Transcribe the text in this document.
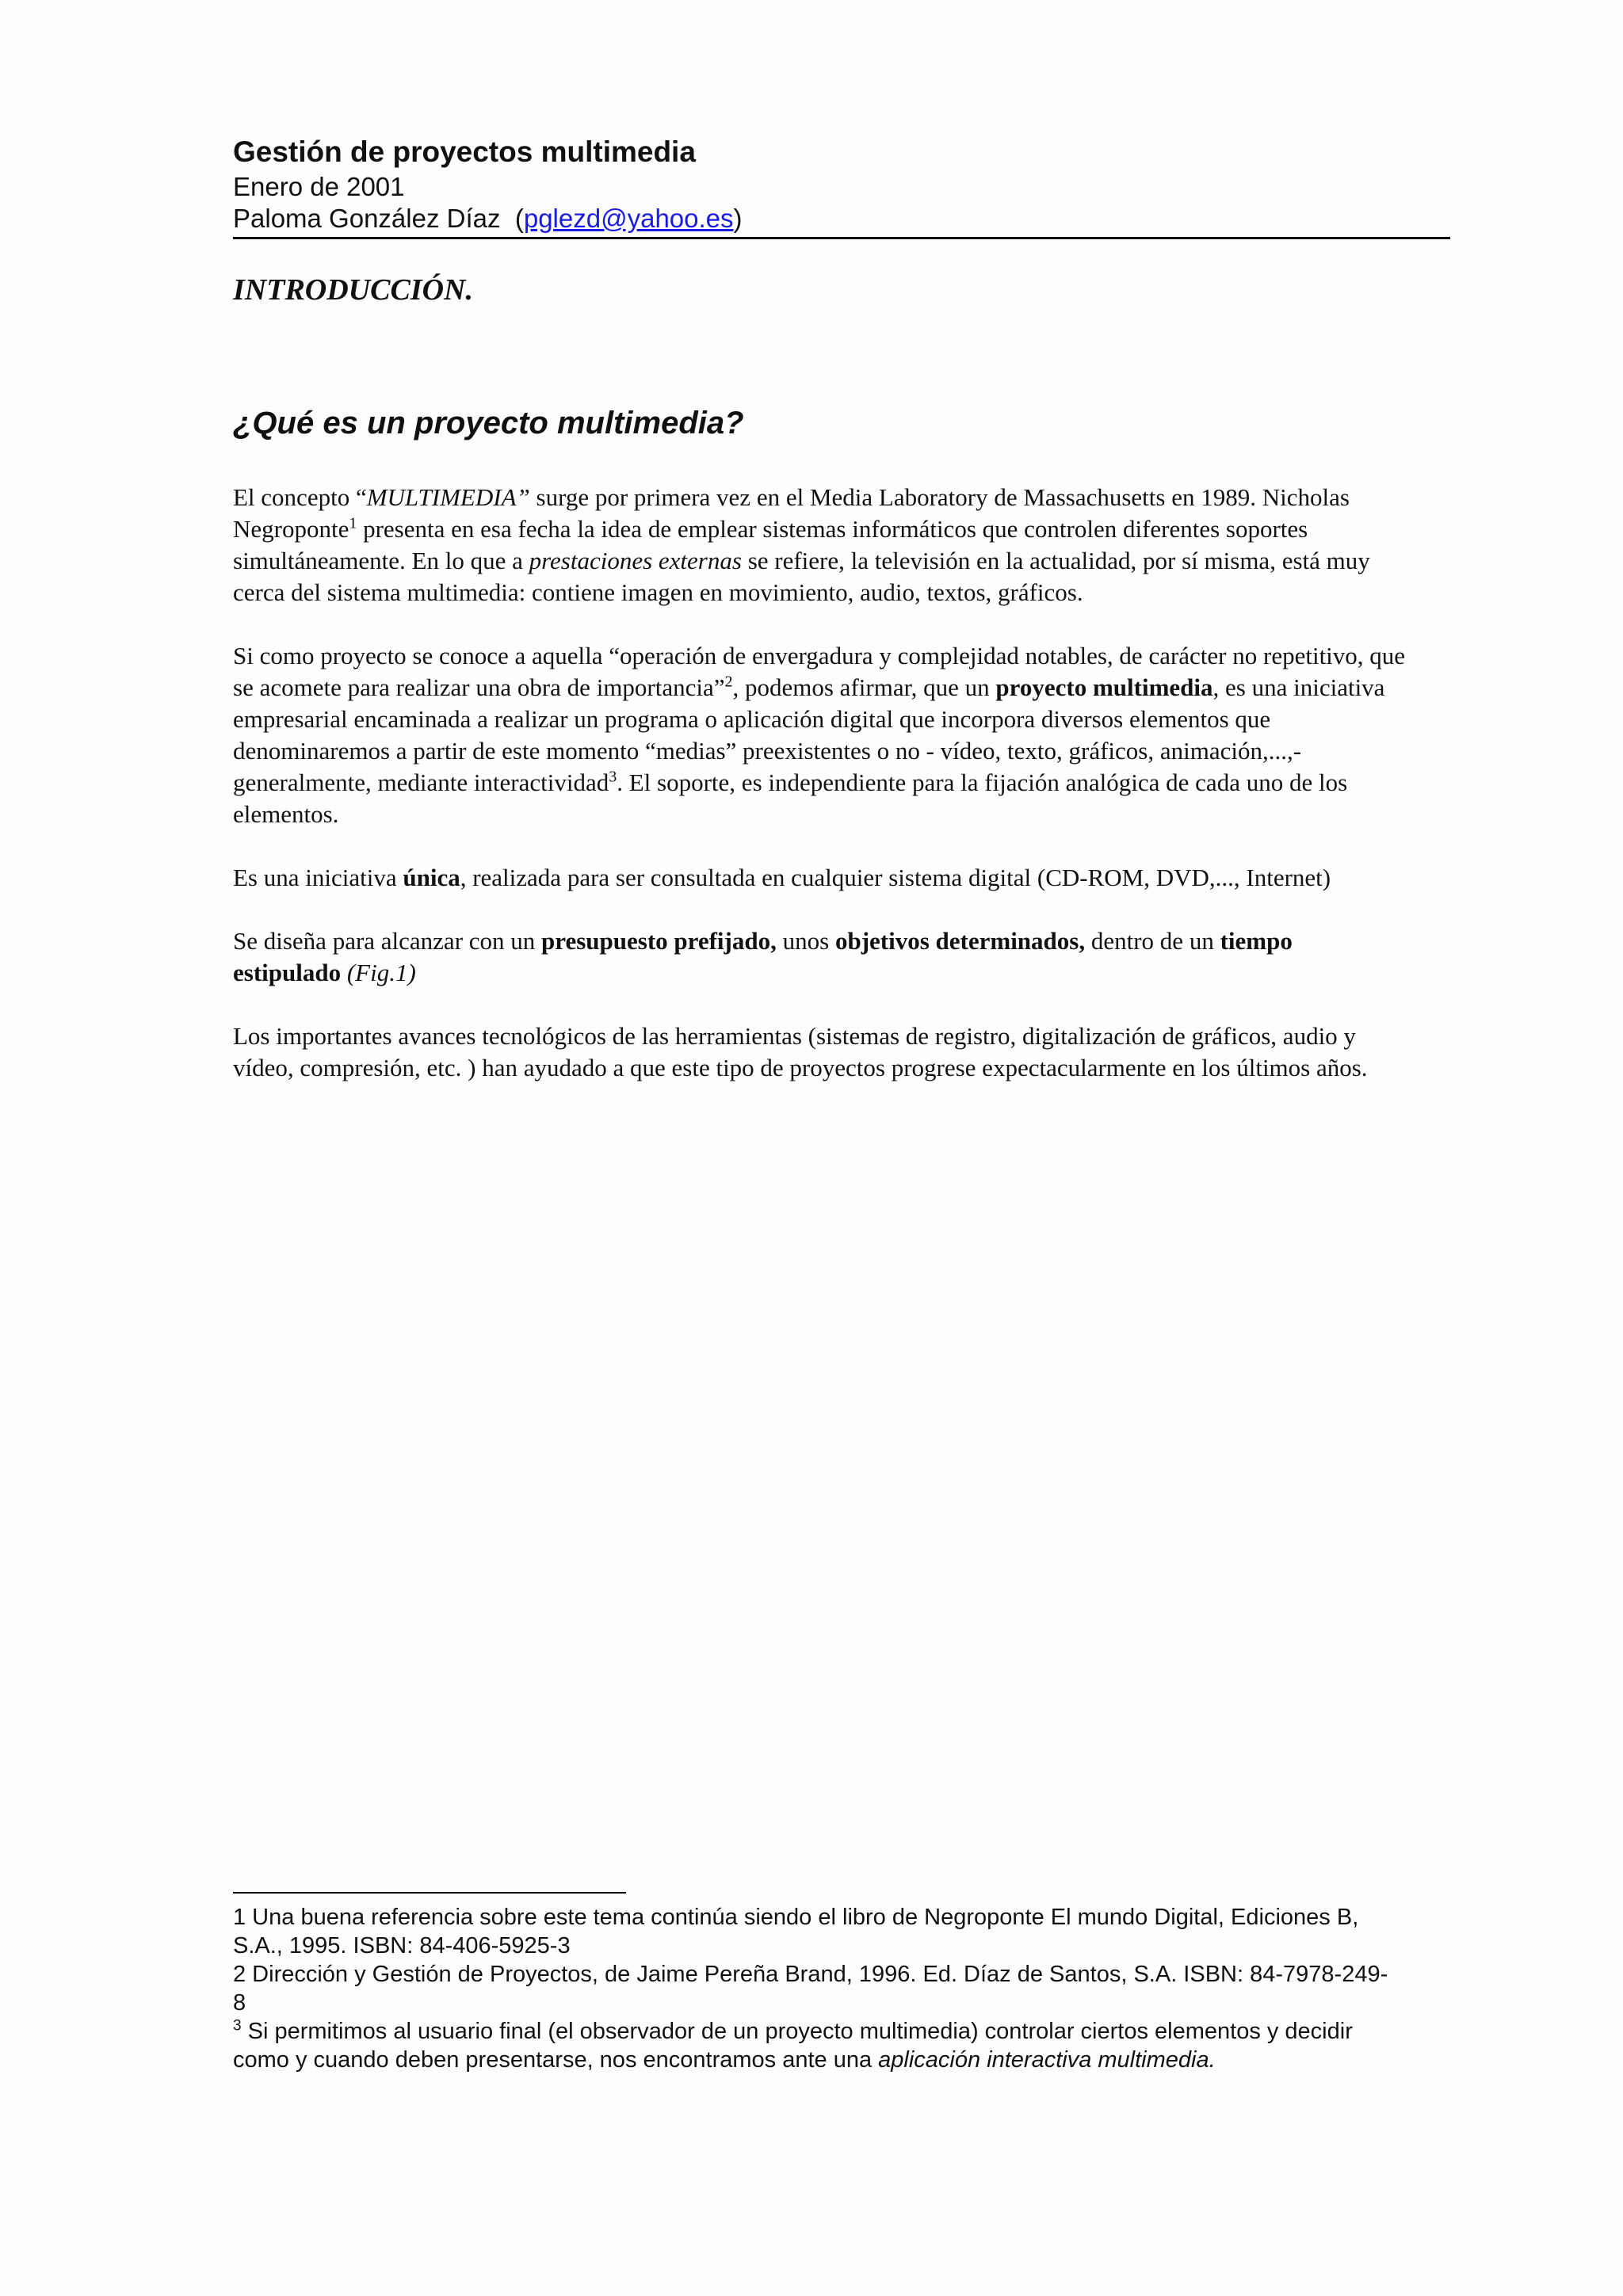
Gestión de proyectos multimedia

Enero de 2001

Paloma González Díaz (pglezd@yahoo.es)

INTRODUCCIÓN.
¿Qué es un proyecto multimedia?

El concepto “MULTIMEDIA” surge por primera vez en el Media Laboratory de Massachusetts en 1989. Nicholas Negroponte$^1$ presenta en esa fecha la idea de emplear sistemas informáticos que controlen diferentes soportes simultáneamente. En lo que a prestaciones externas se refiere, la televisión en la actualidad, por sí misma, está muy cerca del sistema multimedia: contiene imagen en movimiento, audio, textos, gráficos.

Si como proyecto se conoce a aquella “operación de envergadura y complejidad notables, de carácter no repetitivo, que se acomete para realizar una obra de importancia”$^2$, podemos afirmar, que un proyecto multimedia, es una iniciativa empresarial encaminada a realizar un programa o aplicación digital que incorpora diversos elementos que denominaremos a partir de este momento “medias” preexistentes o no - vídeo, texto, gráficos, animación,...,- generalmente, mediante interactividad$^3$. El soporte, es independiente para la fijación analógica de cada uno de los elementos.

Es una iniciativa única, realizada para ser consultada en cualquier sistema digital (CD-ROM, DVD,..., Internet)

Se diseña para alcanzar con un presupuesto prefijado, unos objetivos determinados, dentro de un tiempo estipulado (Fig.1)

Los importantes avances tecnológicos de las herramientas (sistemas de registro, digitalización de gráficos, audio y vídeo, compresión, etc. ) han ayudado a que este tipo de proyectos progrese expectacularmente en los últimos años.

1 Una buena referencia sobre este tema continúa siendo el libro de Negroponte El mundo Digital, Ediciones B, S.A., 1995. ISBN: 84-406-5925-3

2 Dirección y Gestión de Proyectos, de Jaime Pereña Brand, 1996. Ed. Díaz de Santos, S.A. ISBN: 84-7978-249-8

$^3$ Si permitimos al usuario final (el observador de un proyecto multimedia) controlar ciertos elementos y decidir como y cuando deben presentarse, nos encontramos ante una aplicación interactiva multimedia.
